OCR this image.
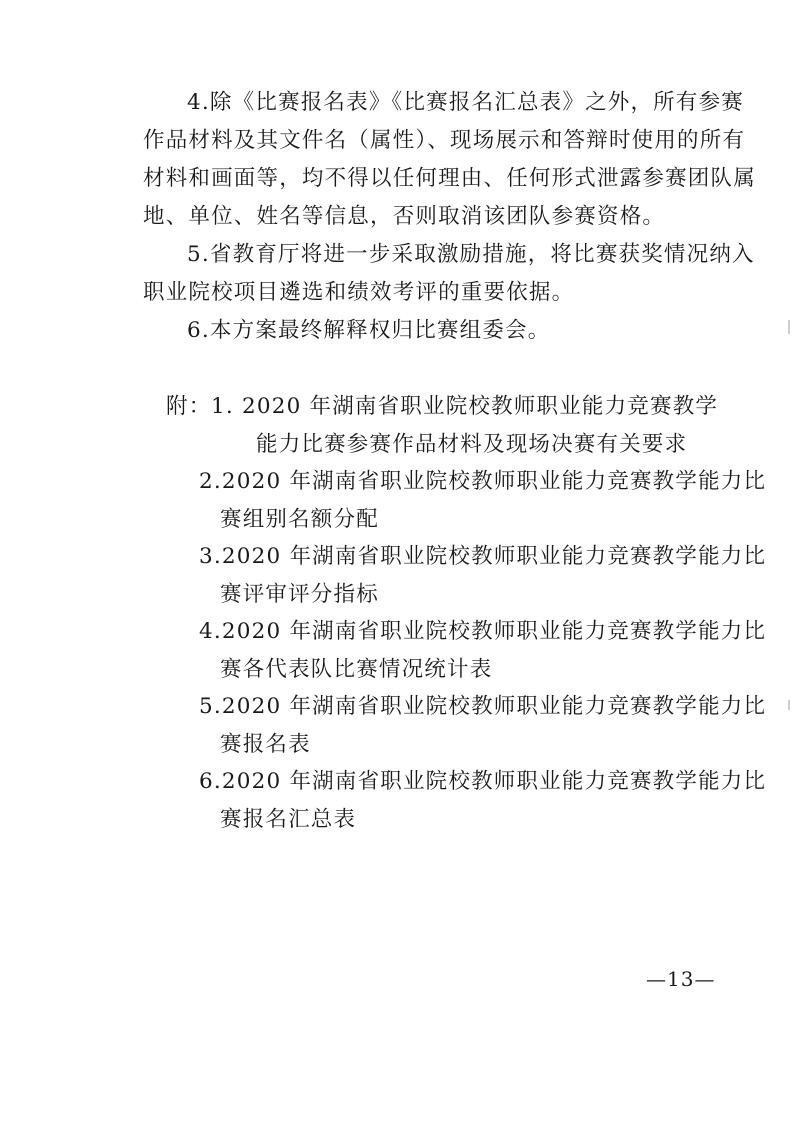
4.除《比赛报名表》《比赛报名汇总表》之外，所有参赛
作品材料及其文件名（属性）、现场展示和答辩时使用的所有
材料和画面等，均不得以任何理由、任何形式泄露参赛团队属
地、单位、姓名等信息，否则取消该团队参赛资格。
5.省教育厅将进一步采取激励措施，将比赛获奖情况纳入
职业院校项目遴选和绩效考评的重要依据。
6.本方案最终解释权归比赛组委会。
附： 1. 2020 年湖南省职业院校教师职业能力竞赛教学
能力比赛参赛作品材料及现场决赛有关要求
2.2020 年湖南省职业院校教师职业能力竞赛教学能力比
赛组别名额分配
3.2020 年湖南省职业院校教师职业能力竞赛教学能力比
赛评审评分指标
4.2020 年湖南省职业院校教师职业能力竞赛教学能力比
赛各代表队比赛情况统计表
5.2020 年湖南省职业院校教师职业能力竞赛教学能力比
赛报名表
6.2020 年湖南省职业院校教师职业能力竞赛教学能力比
赛报名汇总表
—13—
